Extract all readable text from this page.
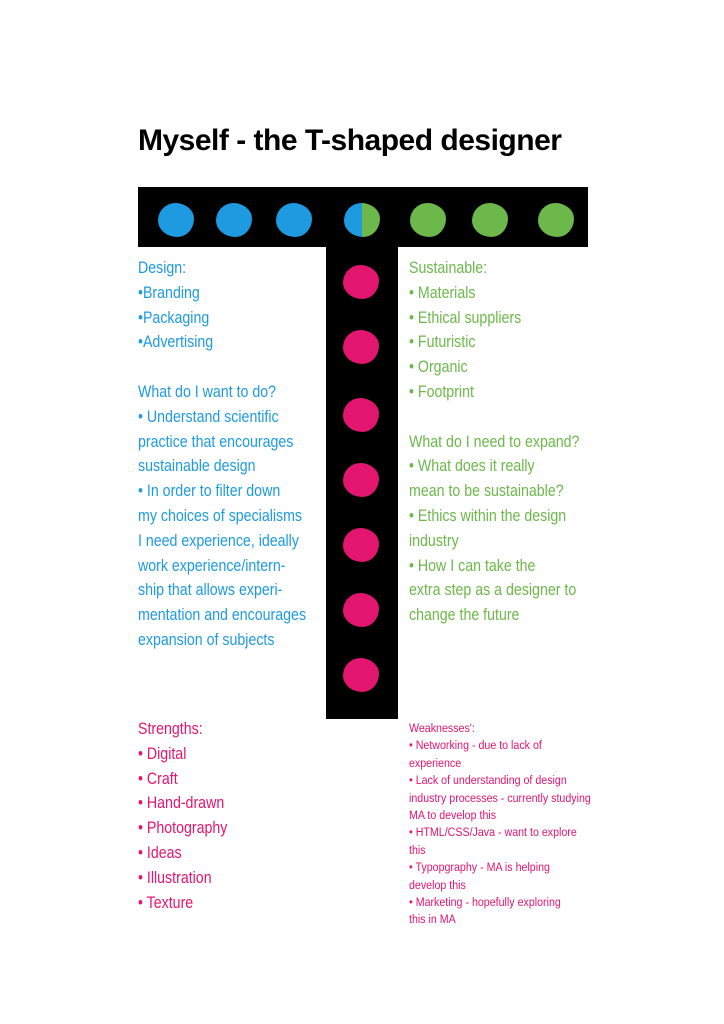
Myself - the T-shaped designer
Design:
•Branding
•Packaging
•Advertising
What do I want to do?
• Understand scientific
practice that encourages
sustainable design
• In order to filter down
my choices of specialisms
I need experience, ideally
work experience/intern-
ship that allows experi-
mentation and encourages
expansion of subjects
Sustainable:
• Materials
• Ethical suppliers
• Futuristic
• Organic
• Footprint
What do I need to expand?
• What does it really
mean to be sustainable?
• Ethics within the design
industry
• How I can take the
extra step as a designer to
change the future
Strengths:
• Digital
• Craft
• Hand-drawn
• Photography
• Ideas
• Illustration
• Texture
Weaknesses':
• Networking - due to lack of
experience
• Lack of understanding of design
industry processes - currently studying
MA to develop this
• HTML/CSS/Java - want to explore
this
• Typopgraphy - MA is helping
develop this
• Marketing - hopefully exploring
this in MA
